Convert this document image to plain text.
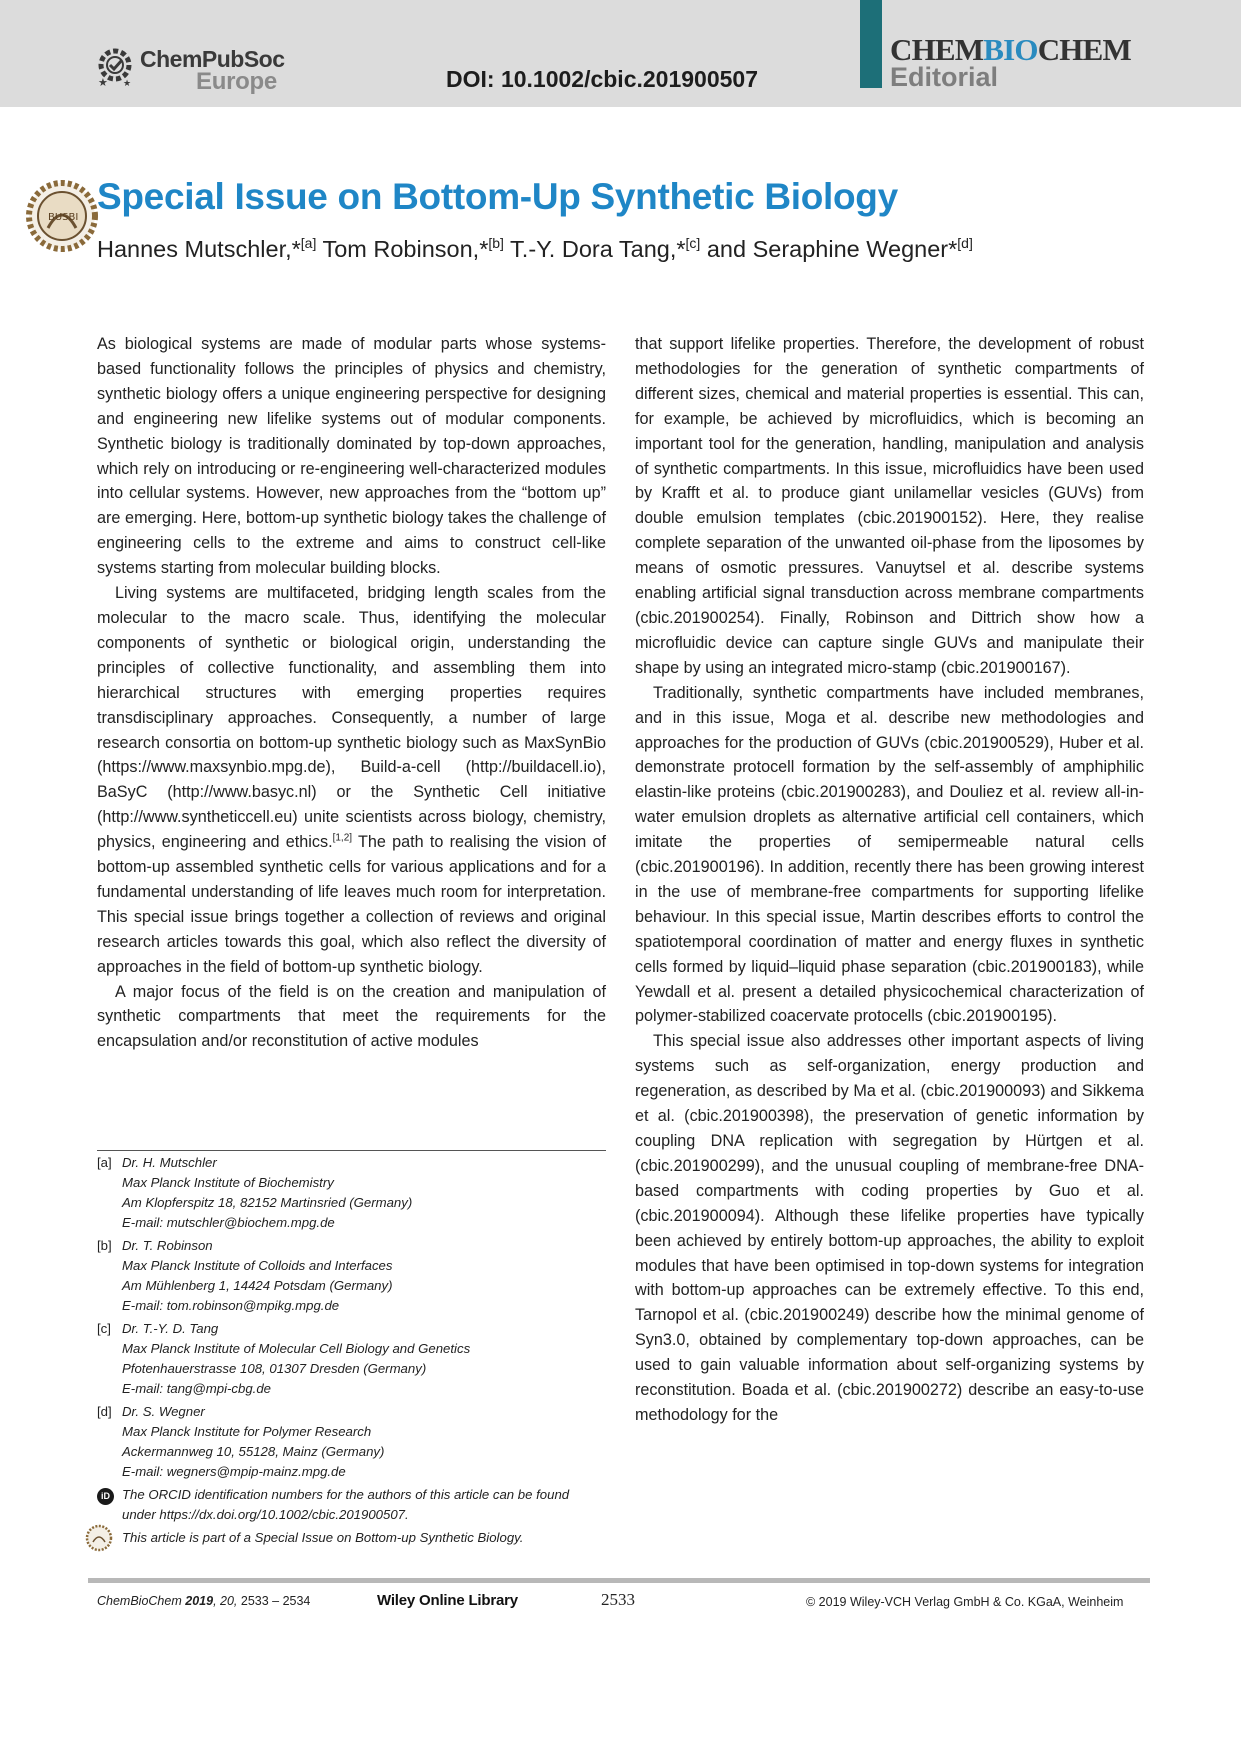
★ ★
ChemPubSoc
Europe	DOI: 10.1002/cbic.201900507
CHEMBIOCHEM
Editorial
BUSBI
Special Issue on Bottom-Up Synthetic Biology
Hannes Mutschler,*[a] Tom Robinson,*[b] T.-Y. Dora Tang,*[c] and Seraphine Wegner*[d]

As biological systems are made of modular parts whose systems-based functionality follows the principles of physics and chemistry, synthetic biology offers a unique engineering perspective for designing and engineering new lifelike systems out of modular components. Synthetic biology is traditionally dominated by top-down approaches, which rely on introducing or re-engineering well-characterized modules into cellular systems. However, new approaches from the “bottom up” are emerging. Here, bottom-up synthetic biology takes the challenge of engineering cells to the extreme and aims to construct cell-like systems starting from molecular building blocks.

Living systems are multifaceted, bridging length scales from the molecular to the macro scale. Thus, identifying the molecular components of synthetic or biological origin, understanding the principles of collective functionality, and assembling them into hierarchical structures with emerging properties requires transdisciplinary approaches. Consequently, a number of large research consortia on bottom-up synthetic biology such as MaxSynBio (https://www.maxsynbio.mpg.de), Build-a-cell (http://buildacell.io), BaSyC (http://www.basyc.nl) or the Synthetic Cell initiative (http://www.syntheticcell.eu) unite scientists across biology, chemistry, physics, engineering and ethics.[1,2] The path to realising the vision of bottom-up assembled synthetic cells for various applications and for a fundamental understanding of life leaves much room for interpretation. This special issue brings together a collection of reviews and original research articles towards this goal, which also reflect the diversity of approaches in the field of bottom-up synthetic biology.

A major focus of the field is on the creation and manipulation of synthetic compartments that meet the requirements for the encapsulation and/or reconstitution of active modules

that support lifelike properties. Therefore, the development of robust methodologies for the generation of synthetic compartments of different sizes, chemical and material properties is essential. This can, for example, be achieved by microfluidics, which is becoming an important tool for the generation, handling, manipulation and analysis of synthetic compartments. In this issue, microfluidics have been used by Krafft et al. to produce giant unilamellar vesicles (GUVs) from double emulsion templates (cbic.201900152). Here, they realise complete separation of the unwanted oil-phase from the liposomes by means of osmotic pressures. Vanuytsel et al. describe systems enabling artificial signal transduction across membrane compartments (cbic.201900254). Finally, Robinson and Dittrich show how a microfluidic device can capture single GUVs and manipulate their shape by using an integrated micro-stamp (cbic.201900167).

Traditionally, synthetic compartments have included membranes, and in this issue, Moga et al. describe new methodologies and approaches for the production of GUVs (cbic.201900529), Huber et al. demonstrate protocell formation by the self-assembly of amphiphilic elastin-like proteins (cbic.201900283), and Douliez et al. review all-in-water emulsion droplets as alternative artificial cell containers, which imitate the properties of semipermeable natural cells (cbic.201900196). In addition, recently there has been growing interest in the use of membrane-free compartments for supporting lifelike behaviour. In this special issue, Martin describes efforts to control the spatiotemporal coordination of matter and energy fluxes in synthetic cells formed by liquid–liquid phase separation (cbic.201900183), while Yewdall et al. present a detailed physicochemical characterization of polymer-stabilized coacervate protocells (cbic.201900195).

This special issue also addresses other important aspects of living systems such as self-organization, energy production and regeneration, as described by Ma et al. (cbic.201900093) and Sikkema et al. (cbic.201900398), the preservation of genetic information by coupling DNA replication with segregation by Hürtgen et al. (cbic.201900299), and the unusual coupling of membrane-free DNA-based compartments with coding properties by Guo et al. (cbic.201900094). Although these lifelike properties have typically been achieved by entirely bottom-up approaches, the ability to exploit modules that have been optimised in top-down systems for integration with bottom-up approaches can be extremely effective. To this end, Tarnopol et al. (cbic.201900249) describe how the minimal genome of Syn3.0, obtained by complementary top-down approaches, can be used to gain valuable information about self-organizing systems by reconstitution. Boada et al. (cbic.201900272) describe an easy-to-use methodology for the

[a] Dr. H. Mutschler
Max Planck Institute of Biochemistry
Am Klopferspitz 18, 82152 Martinsried (Germany)
E-mail: mutschler@biochem.mpg.de
[b] Dr. T. Robinson
Max Planck Institute of Colloids and Interfaces
Am Mühlenberg 1, 14424 Potsdam (Germany)
E-mail: tom.robinson@mpikg.mpg.de
[c] Dr. T.-Y. D. Tang
Max Planck Institute of Molecular Cell Biology and Genetics
Pfotenhauerstrasse 108, 01307 Dresden (Germany)
E-mail: tang@mpi-cbg.de
[d] Dr. S. Wegner
Max Planck Institute for Polymer Research
Ackermannweg 10, 55128, Mainz (Germany)
E-mail: wegners@mpip-mainz.mpg.de
iD The ORCID identification numbers for the authors of this article can be found under https://dx.doi.org/10.1002/cbic.201900507.
This article is part of a Special Issue on Bottom-up Synthetic Biology.
ChemBioChem 2019, 20, 2533 – 2534	Wiley Online Library	2533	© 2019 Wiley-VCH Verlag GmbH & Co. KGaA, Weinheim
